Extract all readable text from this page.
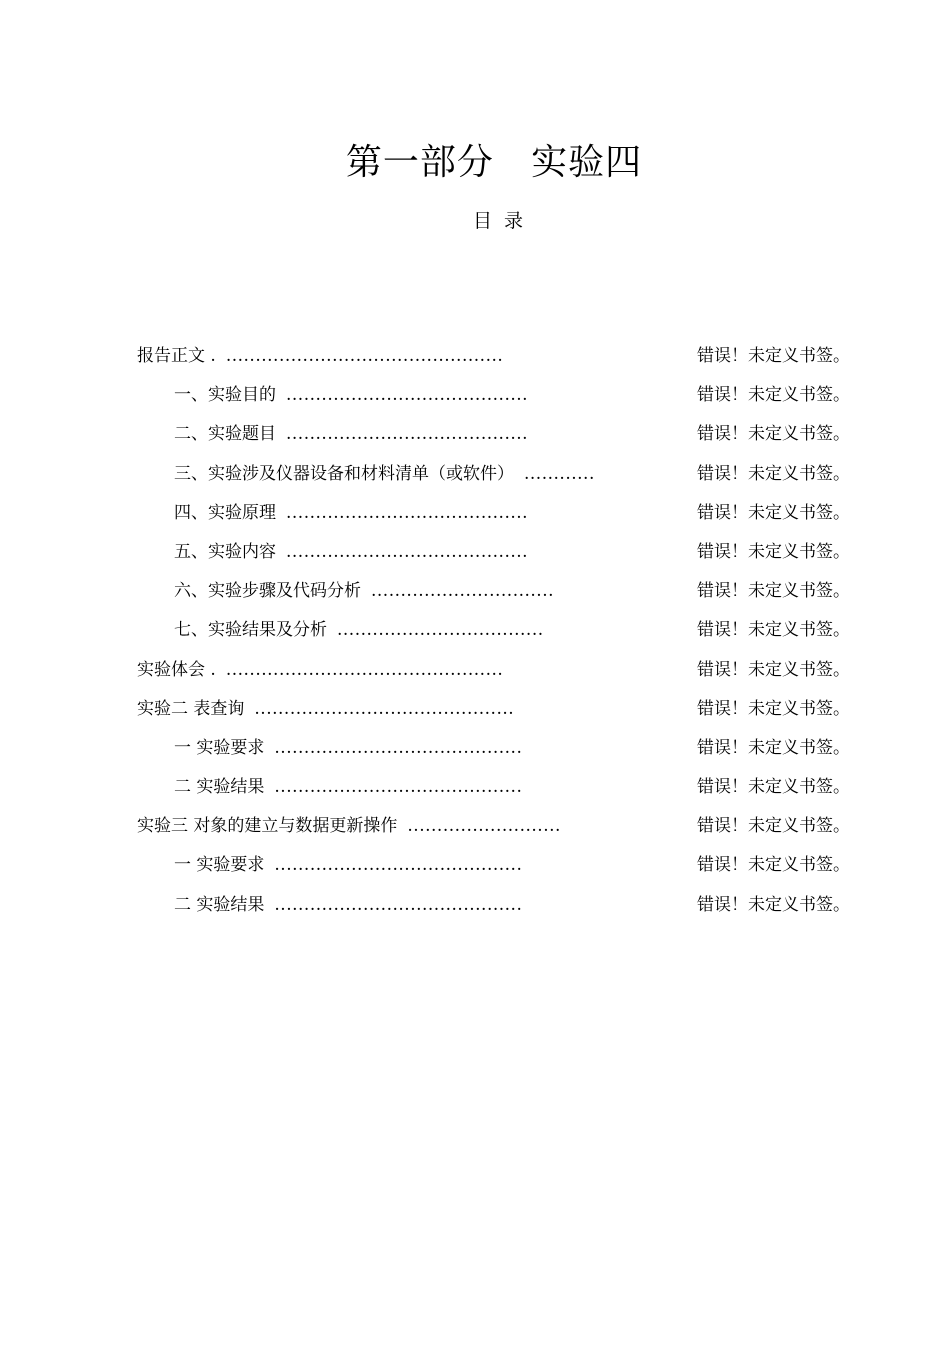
第一部分   实验四
目  录
报告正文 . ...............................................	错误！未定义书签。
一、实验目的 .........................................	错误！未定义书签。
二、实验题目 .........................................	错误！未定义书签。
三、实验涉及仪器设备和材料清单（或软件） ............	错误！未定义书签。
四、实验原理 .........................................	错误！未定义书签。
五、实验内容 .........................................	错误！未定义书签。
六、实验步骤及代码分析 ...............................	错误！未定义书签。
七、实验结果及分析 ...................................	错误！未定义书签。
实验体会 . ...............................................	错误！未定义书签。
实验二 表查询 ............................................	错误！未定义书签。
一 实验要求 ..........................................	错误！未定义书签。
二 实验结果 ..........................................	错误！未定义书签。
实验三 对象的建立与数据更新操作 ..........................	错误！未定义书签。
一 实验要求 ..........................................	错误！未定义书签。
二 实验结果 ..........................................	错误！未定义书签。
